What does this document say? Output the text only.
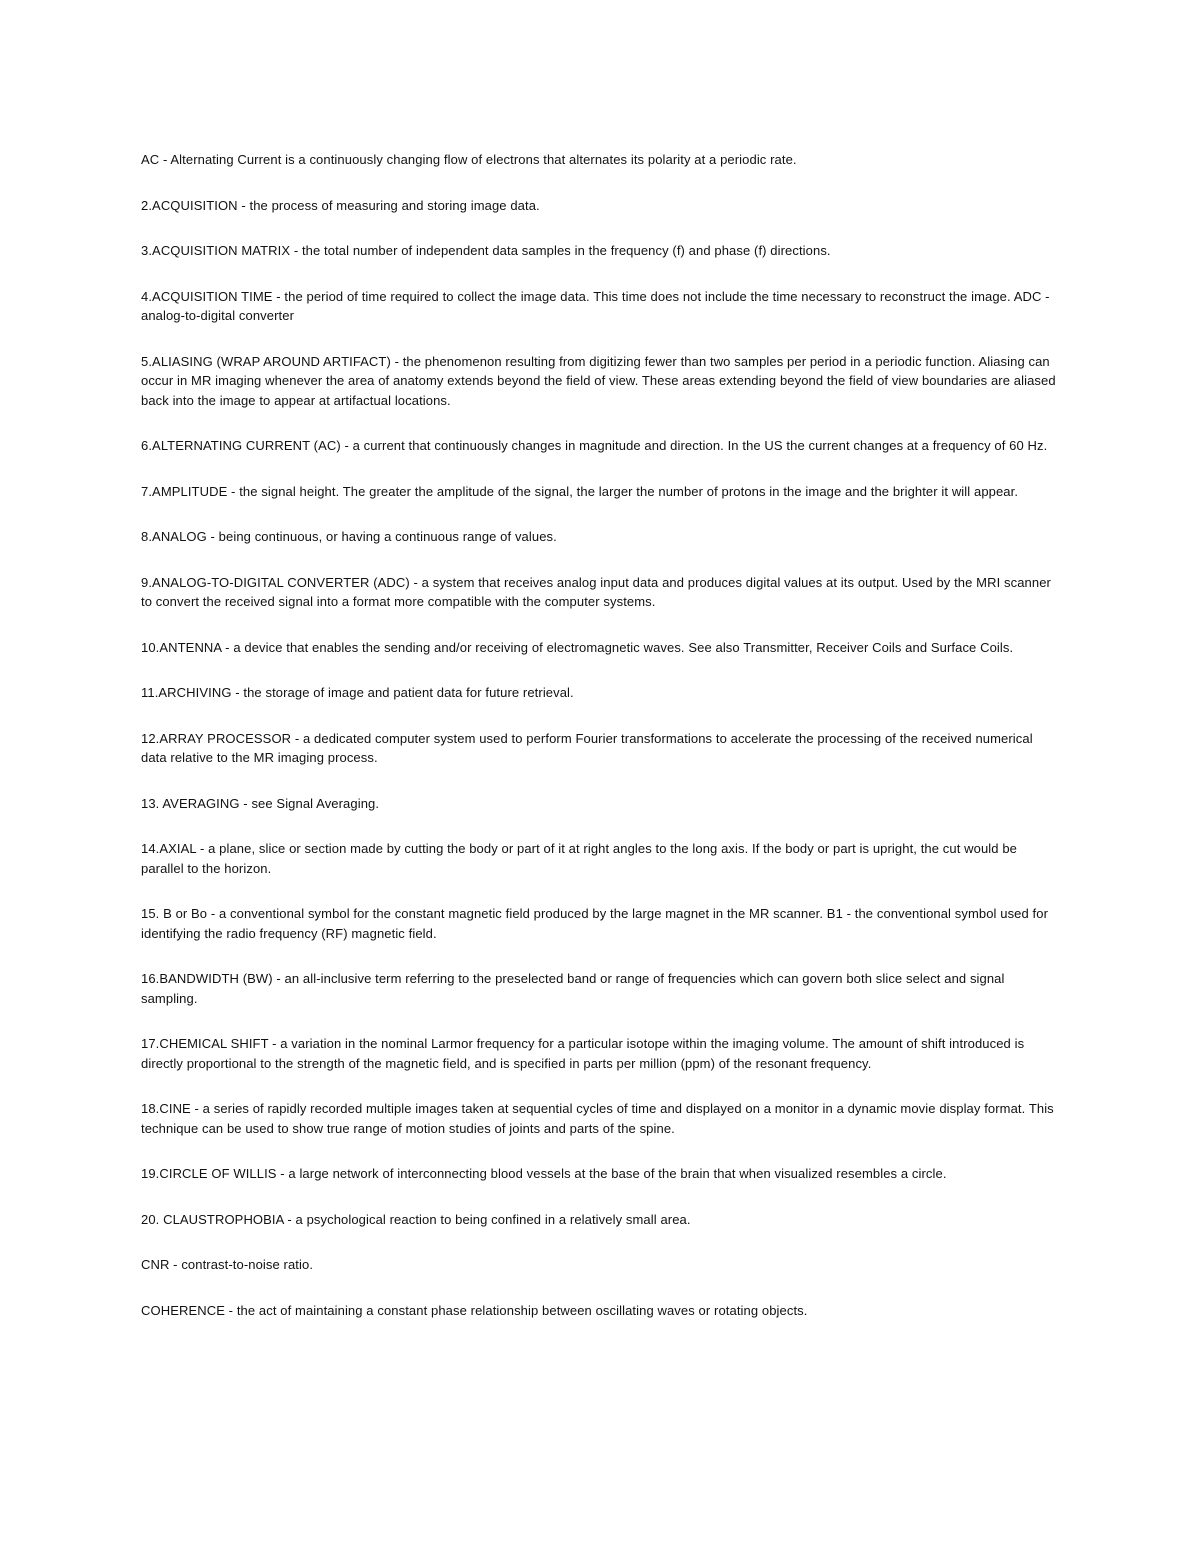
AC - Alternating Current is a continuously changing flow of electrons that alternates its polarity at a periodic rate.

2.ACQUISITION - the process of measuring and storing image data.

3.ACQUISITION MATRIX - the total number of independent data samples in the frequency (f) and phase (f) directions.

4.ACQUISITION TIME - the period of time required to collect the image data. This time does not include the time necessary to reconstruct the image. ADC - analog-to-digital converter

5.ALIASING (WRAP AROUND ARTIFACT) - the phenomenon resulting from digitizing fewer than two samples per period in a periodic function. Aliasing can occur in MR imaging whenever the area of anatomy extends beyond the field of view. These areas extending beyond the field of view boundaries are aliased back into the image to appear at artifactual locations.

6.ALTERNATING CURRENT (AC) - a current that continuously changes in magnitude and direction. In the US the current changes at a frequency of 60 Hz.

7.AMPLITUDE - the signal height. The greater the amplitude of the signal, the larger the number of protons in the image and the brighter it will appear.

8.ANALOG - being continuous, or having a continuous range of values.

9.ANALOG-TO-DIGITAL CONVERTER (ADC) - a system that receives analog input data and produces digital values at its output. Used by the MRI scanner to convert the received signal into a format more compatible with the computer systems.

10.ANTENNA - a device that enables the sending and/or receiving of electromagnetic waves. See also Transmitter, Receiver Coils and Surface Coils.

11.ARCHIVING - the storage of image and patient data for future retrieval.

12.ARRAY PROCESSOR - a dedicated computer system used to perform Fourier transformations to accelerate the processing of the received numerical data relative to the MR imaging process.

13. AVERAGING - see Signal Averaging.

14.AXIAL - a plane, slice or section made by cutting the body or part of it at right angles to the long axis. If the body or part is upright, the cut would be parallel to the horizon.

15. B or Bo - a conventional symbol for the constant magnetic field produced by the large magnet in the MR scanner. B1 - the conventional symbol used for identifying the radio frequency (RF) magnetic field.

16.BANDWIDTH (BW) - an all-inclusive term referring to the preselected band or range of frequencies which can govern both slice select and signal sampling.

17.CHEMICAL SHIFT - a variation in the nominal Larmor frequency for a particular isotope within the imaging volume. The amount of shift introduced is directly proportional to the strength of the magnetic field, and is specified in parts per million (ppm) of the resonant frequency.

18.CINE - a series of rapidly recorded multiple images taken at sequential cycles of time and displayed on a monitor in a dynamic movie display format. This technique can be used to show true range of motion studies of joints and parts of the spine.

19.CIRCLE OF WILLIS - a large network of interconnecting blood vessels at the base of the brain that when visualized resembles a circle.

20. CLAUSTROPHOBIA - a psychological reaction to being confined in a relatively small area.

CNR - contrast-to-noise ratio.

COHERENCE - the act of maintaining a constant phase relationship between oscillating waves or rotating objects.
